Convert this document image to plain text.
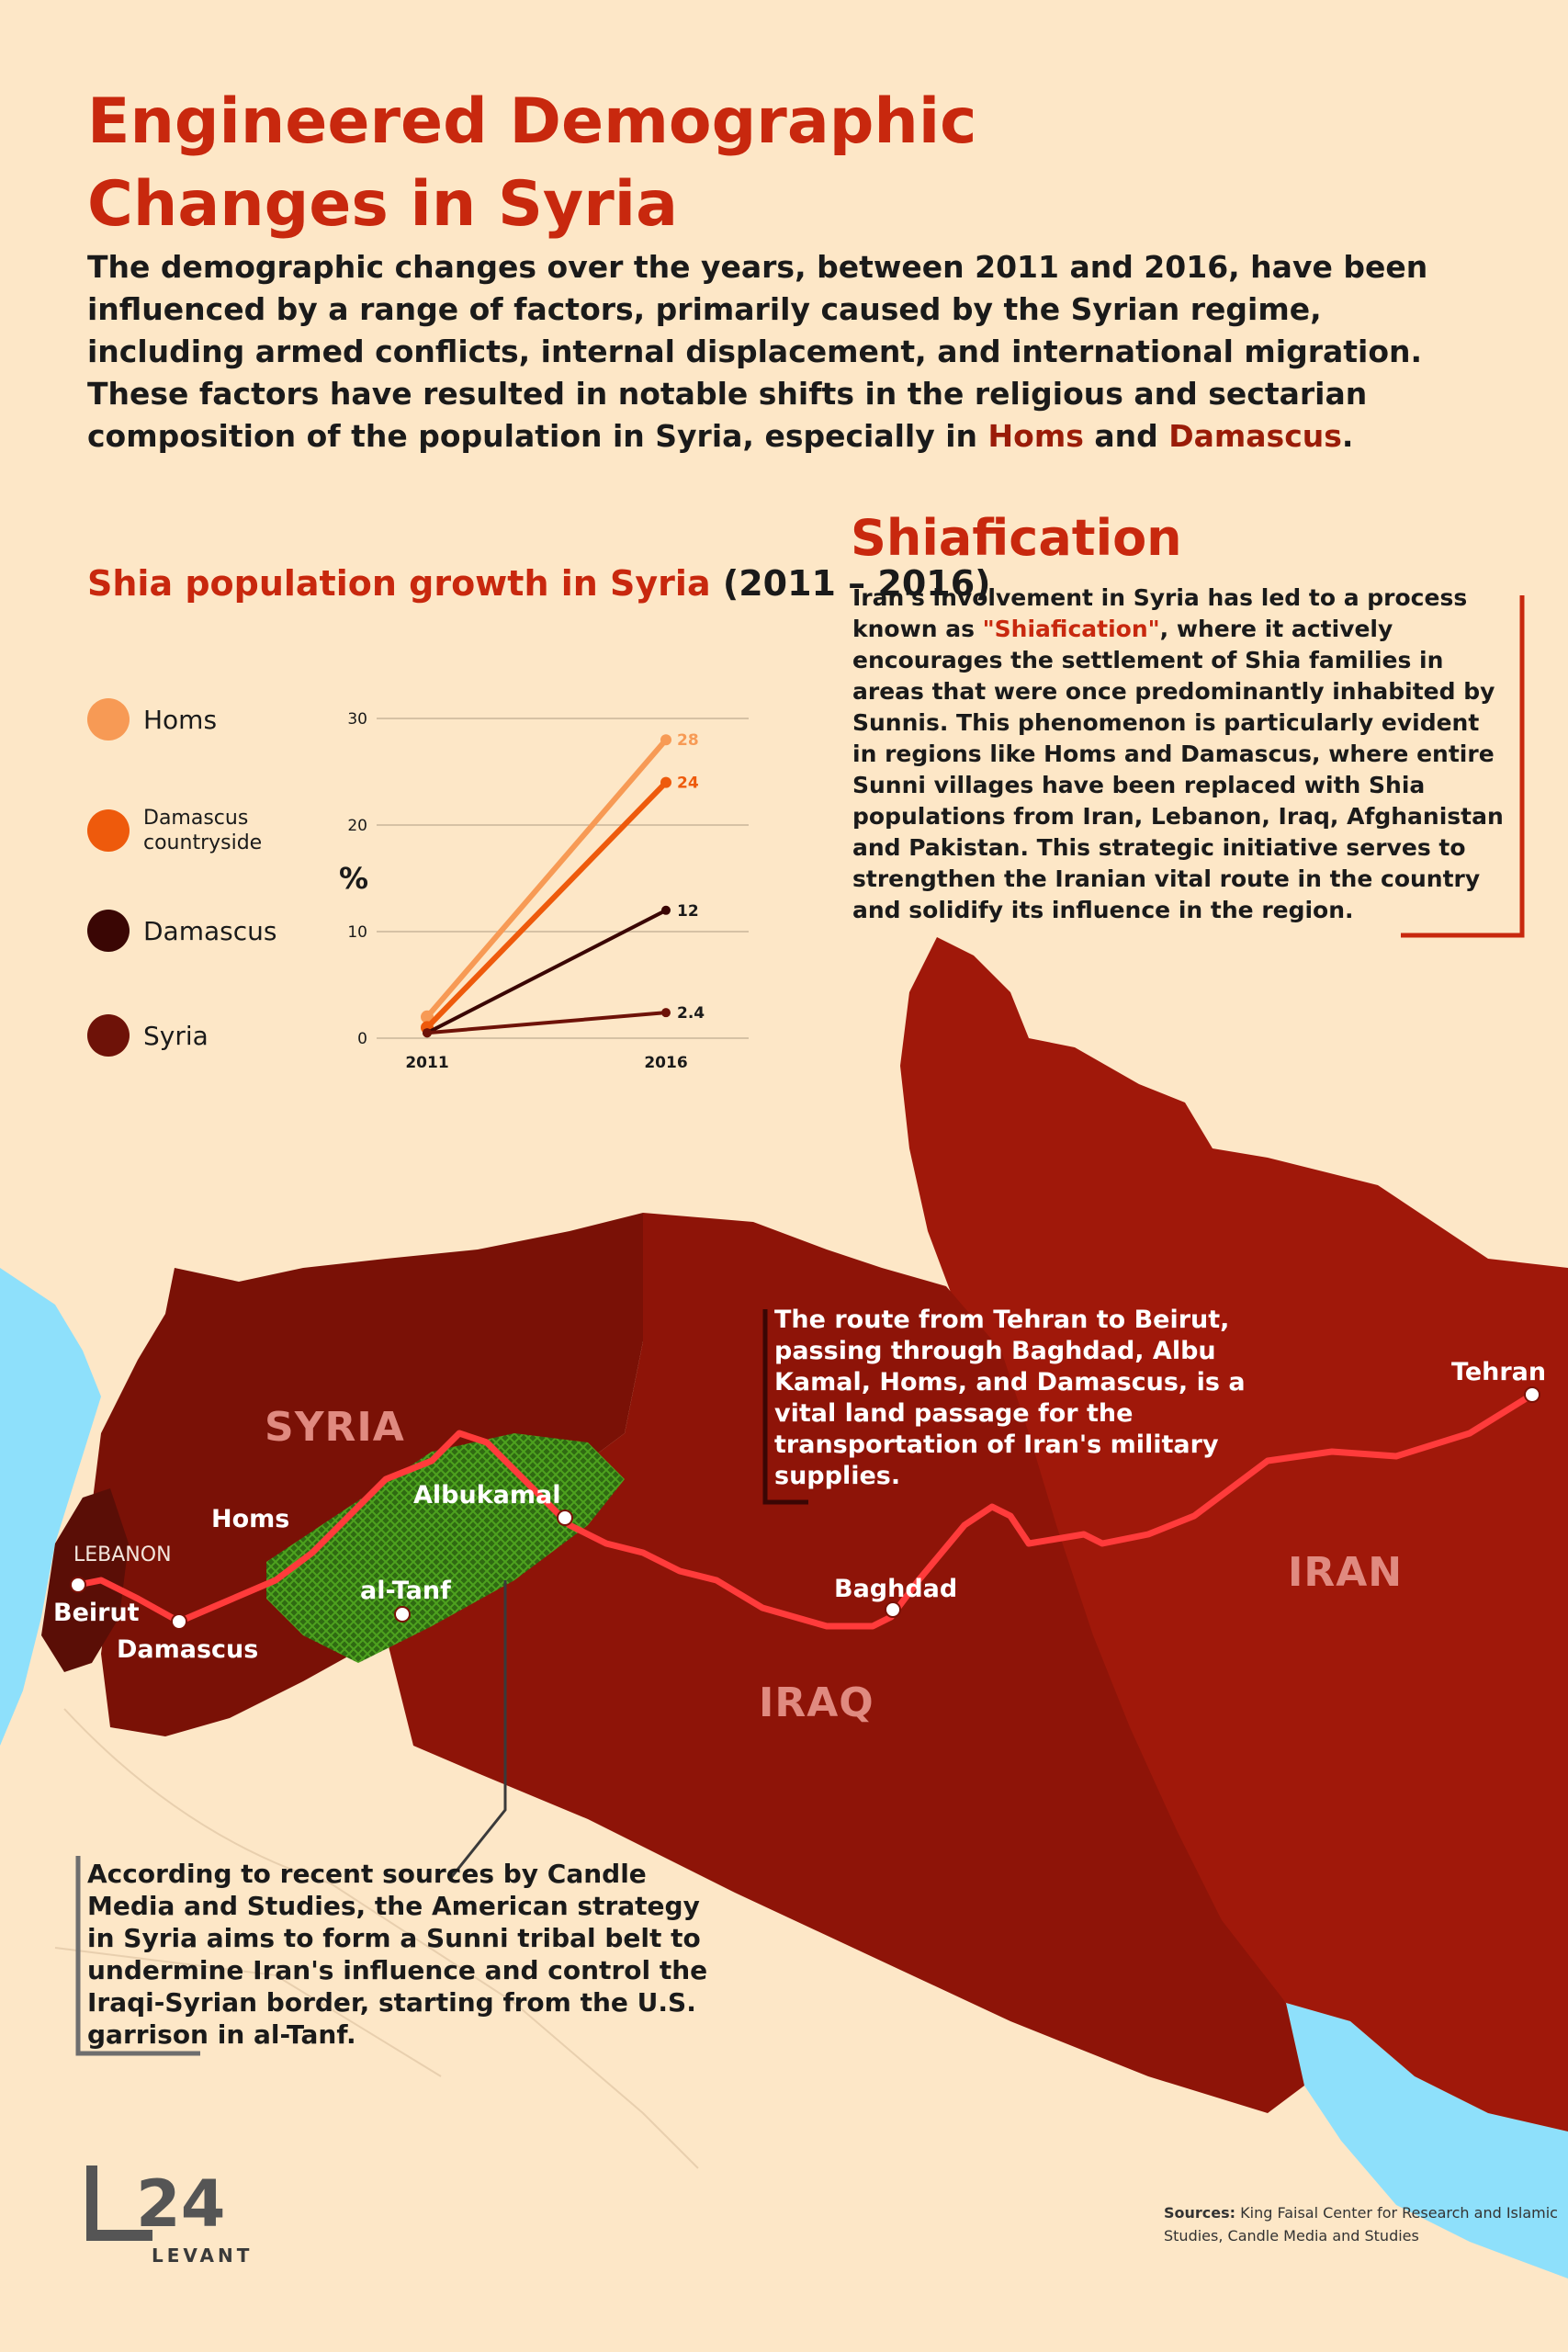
Engineered Demographic Changes in Syria

The demographic changes over the years, between 2011 and 2016, have been influenced by a range of factors, primarily caused by the Syrian regime, including armed conflicts, internal displacement, and international migration. These factors have resulted in notable shifts in the religious and sectarian composition of the population in Syria, especially in Homs and Damascus.

Shia population growth in Syria (2011 – 2016)
Homs
Damascus countryside
Damascus
Syria	0
10
20
30
%
2011	2016
28
24
12
2.4
Shiafication

Iran's involvement in Syria has led to a process known as "Shiafication", where it actively encourages the settlement of Shia families in areas that were once predominantly inhabited by Sunnis. This phenomenon is particularly evident in regions like Homs and Damascus, where entire Sunni villages have been replaced with Shia populations from Iran, Lebanon, Iraq, Afghanistan and Pakistan. This strategic initiative serves to strengthen the Iranian vital route in the country and solidify its influence in the region.

The route from Tehran to Beirut, passing through Baghdad, Albu Kamal, Homs, and Damascus, is a vital land passage for the transportation of Iran's military supplies.
According to recent sources by Candle Media and Studies, the American strategy in Syria aims to form a Sunni tribal belt to undermine Iran's influence and control the Iraqi-Syrian border, starting from the U.S. garrison in al-Tanf.
SYRIA
IRAQ
IRAN
LEBANON
Tehran
Baghdad
Albukamal
al-Tanf
Homs
Damascus
Beirut
24
LEVANT
Sources: King Faisal Center for Research and Islamic Studies, Candle Media and Studies
